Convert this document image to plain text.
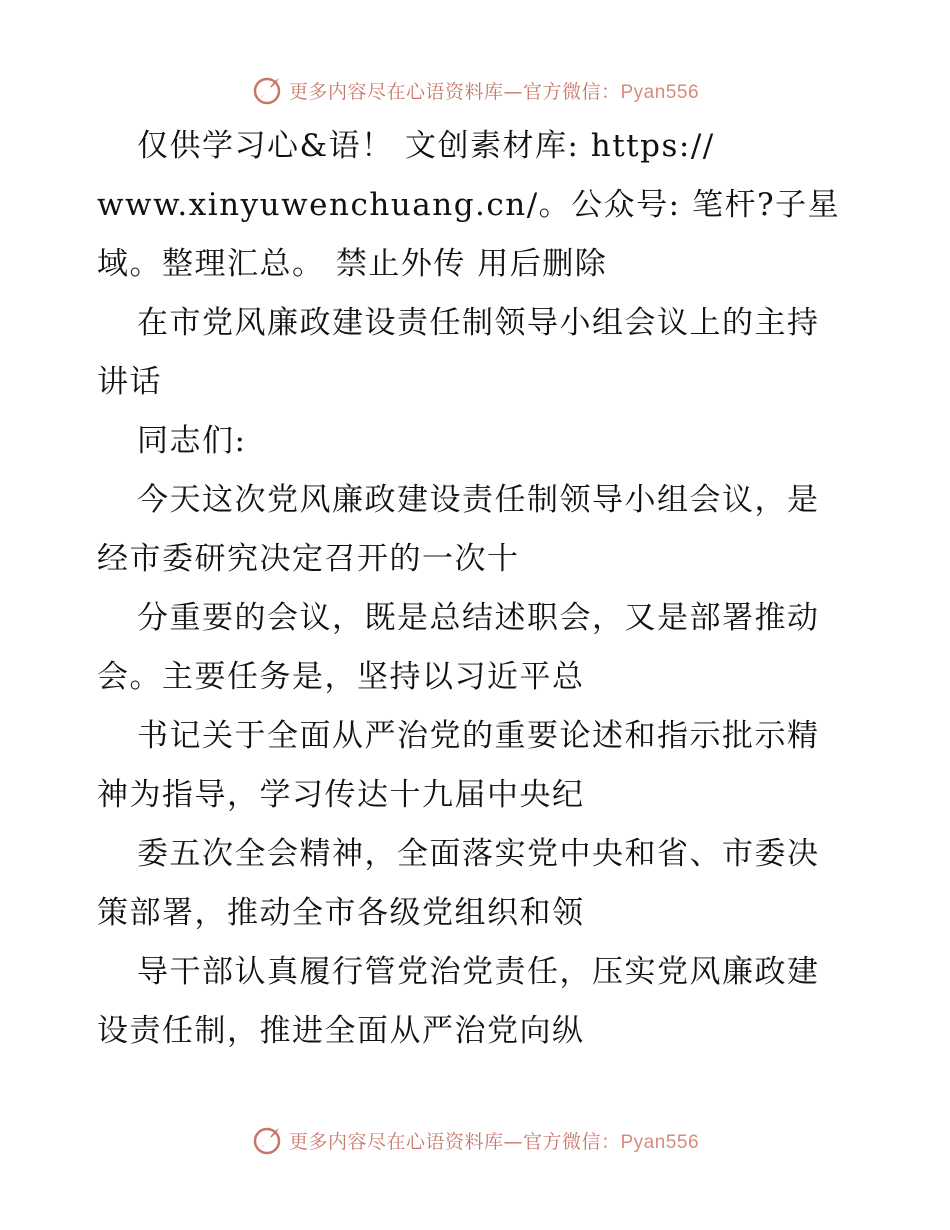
更多内容尽在心语资料库—官方微信：Pyan556
仅供学习心&语！ 文创素材库: https://
www.xinyuwenchuang.cn/。公众号: 笔杆?子星
域。整理汇总。 禁止外传 用后删除
在市党风廉政建设责任制领导小组会议上的主持
讲话
同志们:
今天这次党风廉政建设责任制领导小组会议，是
经市委研究决定召开的一次十
分重要的会议，既是总结述职会，又是部署推动
会。主要任务是，坚持以习近平总
书记关于全面从严治党的重要论述和指示批示精
神为指导，学习传达十九届中央纪
委五次全会精神，全面落实党中央和省、市委决
策部署，推动全市各级党组织和领
导干部认真履行管党治党责任，压实党风廉政建
设责任制，推进全面从严治党向纵
更多内容尽在心语资料库—官方微信：Pyan556
